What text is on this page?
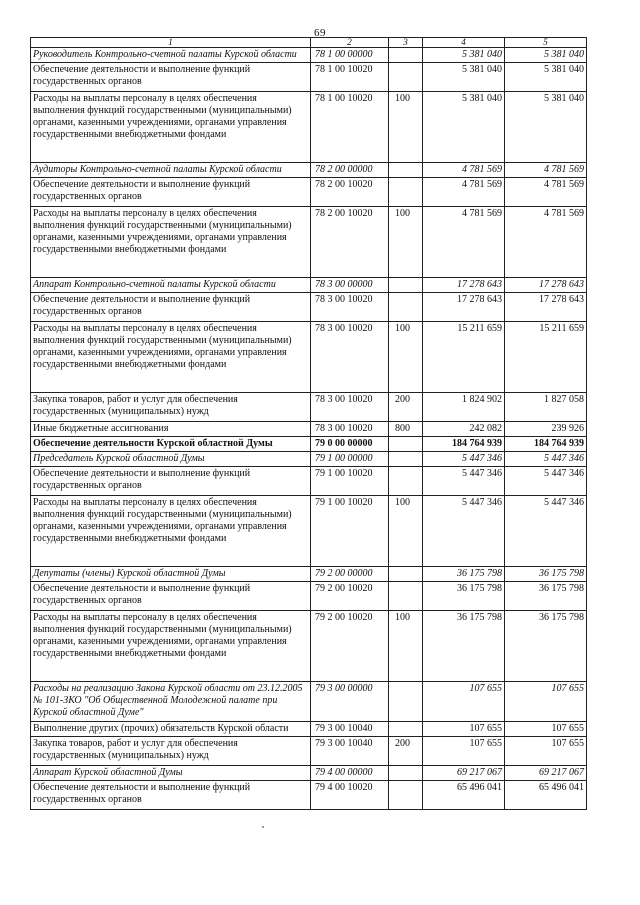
69
1	2	3	4	5
Руководитель Контрольно-счетной палаты Курской области	78 1 00 00000		5 381 040	5 381 040
Обеспечение деятельности и выполнение функций государственных органов	78 1 00 10020		5 381 040	5 381 040
Расходы на выплаты персоналу в целях обеспечения выполнения функций государственными (муниципальными) органами, казенными учреждениями, органами управления государственными внебюджетными фондами	78 1 00 10020	100	5 381 040	5 381 040
Аудиторы Контрольно-счетной палаты Курской области	78 2 00 00000		4 781 569	4 781 569
Обеспечение деятельности и выполнение функций государственных органов	78 2 00 10020		4 781 569	4 781 569
Расходы на выплаты персоналу в целях обеспечения выполнения функций государственными (муниципальными) органами, казенными учреждениями, органами управления государственными внебюджетными фондами	78 2 00 10020	100	4 781 569	4 781 569
Аппарат Контрольно-счетной палаты Курской области	78 3 00 00000		17 278 643	17 278 643
Обеспечение деятельности и выполнение функций государственных органов	78 3 00 10020		17 278 643	17 278 643
Расходы на выплаты персоналу в целях обеспечения выполнения функций государственными (муниципальными) органами, казенными учреждениями, органами управления государственными внебюджетными фондами	78 3 00 10020	100	15 211 659	15 211 659
Закупка товаров, работ и услуг для обеспечения государственных (муниципальных) нужд	78 3 00 10020	200	1 824 902	1 827 058
Иные бюджетные ассигнования	78 3 00 10020	800	242 082	239 926
Обеспечение деятельности Курской областной Думы	79 0 00 00000		184 764 939	184 764 939
Председатель Курской областной Думы	79 1 00 00000		5 447 346	5 447 346
Обеспечение деятельности и выполнение функций государственных органов	79 1 00 10020		5 447 346	5 447 346
Расходы на выплаты персоналу в целях обеспечения выполнения функций государственными (муниципальными) органами, казенными учреждениями, органами управления государственными внебюджетными фондами	79 1 00 10020	100	5 447 346	5 447 346
Депутаты (члены) Курской областной Думы	79 2 00 00000		36 175 798	36 175 798
Обеспечение деятельности и выполнение функций государственных органов	79 2 00 10020		36 175 798	36 175 798
Расходы на выплаты персоналу в целях обеспечения выполнения функций государственными (муниципальными) органами, казенными учреждениями, органами управления государственными внебюджетными фондами	79 2 00 10020	100	36 175 798	36 175 798
Расходы на реализацию Закона Курской области от 23.12.2005 № 101-ЗКО "Об Общественной Молодежной палате при Курской областной Думе"	79 3 00 00000		107 655	107 655
Выполнение других (прочих) обязательств Курской области	79 3 00 10040		107 655	107 655
Закупка товаров, работ и услуг для обеспечения государственных (муниципальных) нужд	79 3 00 10040	200	107 655	107 655
Аппарат Курской областной Думы	79 4 00 00000		69 217 067	69 217 067
Обеспечение деятельности и выполнение функций государственных органов	79 4 00 10020		65 496 041	65 496 041
